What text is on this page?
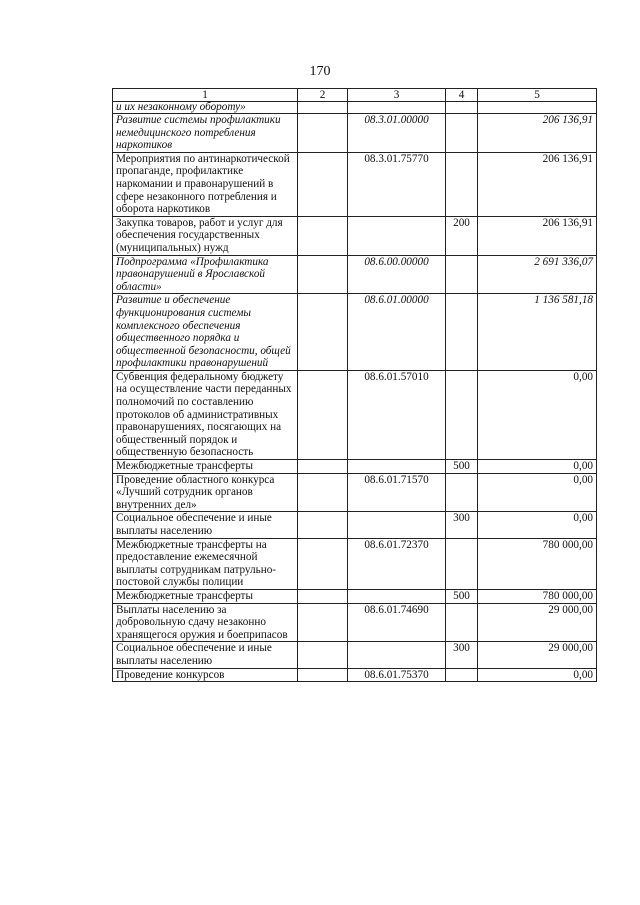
170
1	2	3	4	5
и их незаконному обороту»				
Развитие системы профилактики немедицинского потребления наркотиков		08.3.01.00000		206 136,91
Мероприятия по антинаркотической пропаганде, профилактике наркомании и правонарушений в сфере незаконного потребления и оборота наркотиков		08.3.01.75770		206 136,91
Закупка товаров, работ и услуг для обеспечения государственных (муниципальных) нужд			200	206 136,91
Подпрограмма «Профилактика правонарушений в Ярославской области»		08.6.00.00000		2 691 336,07
Развитие и обеспечение функционирования системы комплексного обеспечения общественного порядка и общественной безопасности, общей профилактики правонарушений		08.6.01.00000		1 136 581,18
Субвенция федеральному бюджету на осуществление части переданных полномочий по составлению протоколов об административных правонарушениях, посягающих на общественный порядок и общественную безопасность		08.6.01.57010		0,00
Межбюджетные трансферты			500	0,00
Проведение областного конкурса «Лучший сотрудник органов внутренних дел»		08.6.01.71570		0,00
Социальное обеспечение и иные выплаты населению			300	0,00
Межбюджетные трансферты на предоставление ежемесячной выплаты сотрудникам патрульно-постовой службы полиции		08.6.01.72370		780 000,00
Межбюджетные трансферты			500	780 000,00
Выплаты населению за добровольную сдачу незаконно хранящегося оружия и боеприпасов		08.6.01.74690		29 000,00
Социальное обеспечение и иные выплаты населению			300	29 000,00
Проведение конкурсов		08.6.01.75370		0,00
